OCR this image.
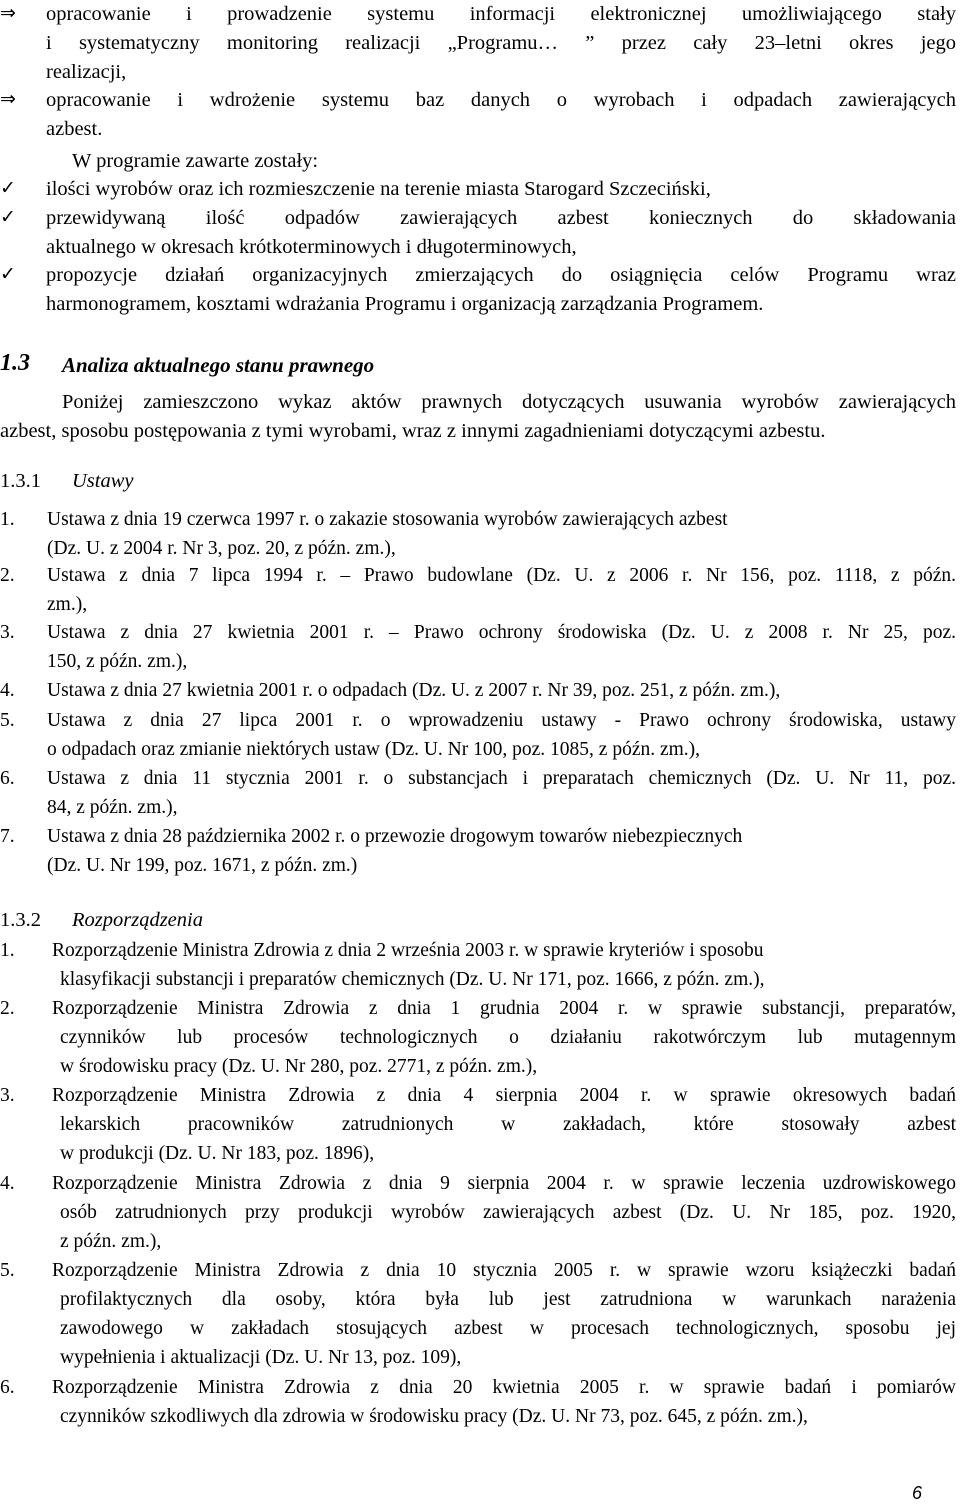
⇒ opracowanie i prowadzenie systemu informacji elektronicznej umożliwiającego stały
i systematyczny monitoring realizacji „Programu… ” przez cały 23–letni okres jego
realizacji,
⇒ opracowanie i wdrożenie systemu baz danych o wyrobach i odpadach zawierających
azbest.
W programie zawarte zostały:
✓ ilości wyrobów oraz ich rozmieszczenie na terenie miasta Starogard Szczeciński,
✓ przewidywaną ilość odpadów zawierających azbest koniecznych do składowania
aktualnego w okresach krótkoterminowych i długoterminowych,
✓ propozycje działań organizacyjnych zmierzających do osiągnięcia celów Programu wraz
harmonogramem, kosztami wdrażania Programu i organizacją zarządzania Programem.
1.3 Analiza aktualnego stanu prawnego
Poniżej zamieszczono wykaz aktów prawnych dotyczących usuwania wyrobów zawierających
azbest, sposobu postępowania z tymi wyrobami, wraz z innymi zagadnieniami dotyczącymi azbestu.
1.3.1 Ustawy
1. Ustawa z dnia 19 czerwca 1997 r. o zakazie stosowania wyrobów zawierających azbest
(Dz. U. z 2004 r. Nr 3, poz. 20, z późn. zm.),
2. Ustawa z dnia 7 lipca 1994 r. – Prawo budowlane (Dz. U. z 2006 r. Nr 156, poz. 1118, z późn.
zm.),
3. Ustawa z dnia 27 kwietnia 2001 r. – Prawo ochrony środowiska (Dz. U. z 2008 r. Nr 25, poz.
150, z późn. zm.),
4. Ustawa z dnia 27 kwietnia 2001 r. o odpadach (Dz. U. z 2007 r. Nr 39, poz. 251, z późn. zm.),
5. Ustawa z dnia 27 lipca 2001 r. o wprowadzeniu ustawy - Prawo ochrony środowiska, ustawy
o odpadach oraz zmianie niektórych ustaw (Dz. U. Nr 100, poz. 1085, z późn. zm.),
6. Ustawa z dnia 11 stycznia 2001 r. o substancjach i preparatach chemicznych (Dz. U. Nr 11, poz.
84, z późn. zm.),
7. Ustawa z dnia 28 października 2002 r. o przewozie drogowym towarów niebezpiecznych
(Dz. U. Nr 199, poz. 1671, z późn. zm.)
1.3.2 Rozporządzenia
1. Rozporządzenie Ministra Zdrowia z dnia 2 września 2003 r. w sprawie kryteriów i sposobu
klasyfikacji substancji i preparatów chemicznych (Dz. U. Nr 171, poz. 1666, z późn. zm.),
2. Rozporządzenie Ministra Zdrowia z dnia 1 grudnia 2004 r. w sprawie substancji, preparatów,
czynników lub procesów technologicznych o działaniu rakotwórczym lub mutagennym
w środowisku pracy (Dz. U. Nr 280, poz. 2771, z późn. zm.),
3. Rozporządzenie Ministra Zdrowia z dnia 4 sierpnia 2004 r. w sprawie okresowych badań
lekarskich pracowników zatrudnionych w zakładach, które stosowały azbest
w produkcji (Dz. U. Nr 183, poz. 1896),
4. Rozporządzenie Ministra Zdrowia z dnia 9 sierpnia 2004 r. w sprawie leczenia uzdrowiskowego
osób zatrudnionych przy produkcji wyrobów zawierających azbest (Dz. U. Nr 185, poz. 1920,
z późn. zm.),
5. Rozporządzenie Ministra Zdrowia z dnia 10 stycznia 2005 r. w sprawie wzoru książeczki badań
profilaktycznych dla osoby, która była lub jest zatrudniona w warunkach narażenia
zawodowego w zakładach stosujących azbest w procesach technologicznych, sposobu jej
wypełnienia i aktualizacji (Dz. U. Nr 13, poz. 109),
6. Rozporządzenie Ministra Zdrowia z dnia 20 kwietnia 2005 r. w sprawie badań i pomiarów
czynników szkodliwych dla zdrowia w środowisku pracy (Dz. U. Nr 73, poz. 645, z późn. zm.),
6
